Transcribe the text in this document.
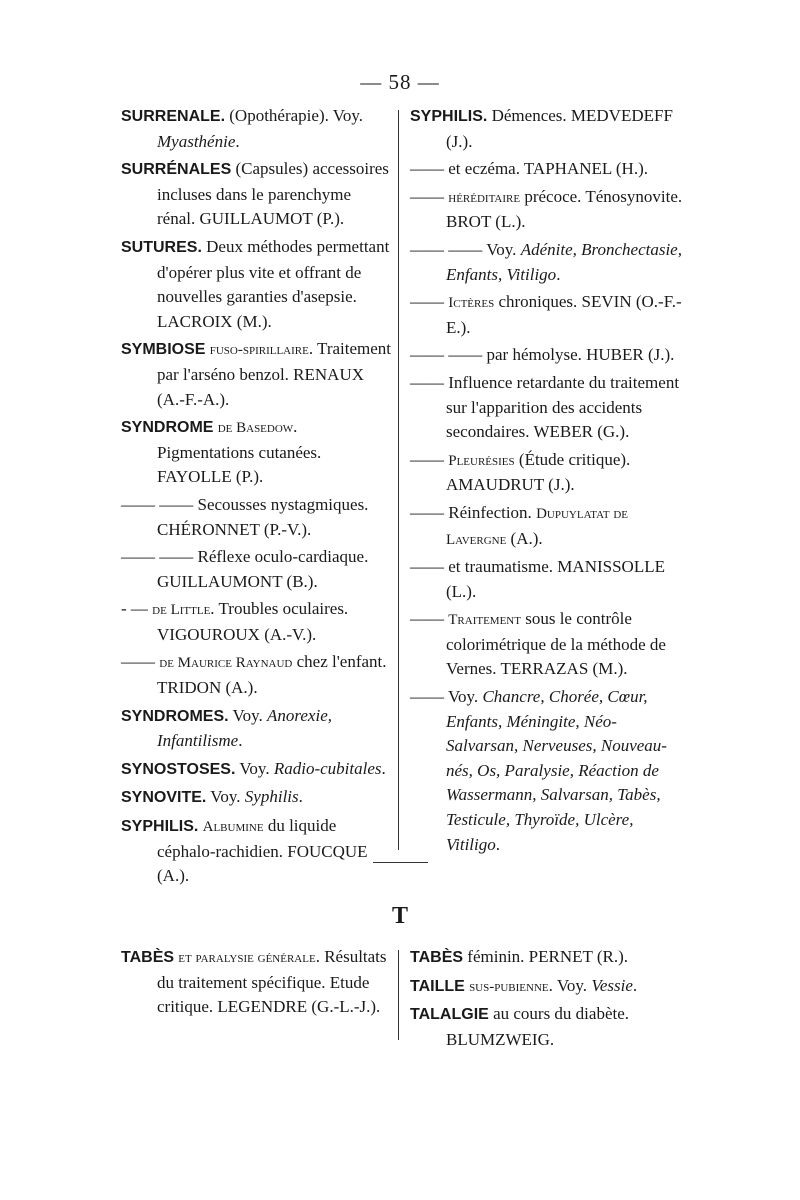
— 58 —

SURRENALE. (Opothérapie). Voy. Myasthénie.

SURRÉNALES (Capsules) accessoires incluses dans le parenchyme rénal. GUILLAUMOT (P.).

SUTURES. Deux méthodes permettant d'opérer plus vite et offrant de nouvelles garanties d'asepsie. LACROIX (M.).

SYMBIOSE fuso-spirillaire. Traitement par l'arséno benzol. RENAUX (A.-F.-A.).

SYNDROME de Basedow. Pigmentations cutanées. FAYOLLE (P.).

—— —— Secousses nystagmiques. CHÉRONNET (P.-V.).

—— —— Réflexe oculo-cardiaque. GUILLAUMONT (B.).

- — de Little. Troubles oculaires. VIGOUROUX (A.-V.).

—— de Maurice Raynaud chez l'enfant. TRIDON (A.).

SYNDROMES. Voy. Anorexie, Infantilisme.

SYNOSTOSES. Voy. Radio-cubitales.

SYNOVITE. Voy. Syphilis.

SYPHILIS. Albumine du liquide céphalo-rachidien. FOUCQUE (A.).

SYPHILIS. Démences. MEDVEDEFF (J.).

—— et eczéma. TAPHANEL (H.).

—— héréditaire précoce. Ténosynovite. BROT (L.).

—— —— Voy. Adénite, Bronchectasie, Enfants, Vitiligo.

—— Ictères chroniques. SEVIN (O.-F.-E.).

—— —— par hémolyse. HUBER (J.).

—— Influence retardante du traitement sur l'apparition des accidents secondaires. WEBER (G.).

—— Pleurésies (Étude critique). AMAUDRUT (J.).

—— Réinfection. Dupuylatat de Lavergne (A.).

—— et traumatisme. MANISSOLLE (L.).

—— Traitement sous le contrôle colorimétrique de la méthode de Vernes. TERRAZAS (M.).

—— Voy. Chancre, Chorée, Cœur, Enfants, Méningite, Néo-Salvarsan, Nerveuses, Nouveau-nés, Os, Paralysie, Réaction de Wassermann, Salvarsan, Tabès, Testicule, Thyroïde, Ulcère, Vitiligo.

T

TABÈS et paralysie générale. Résultats du traitement spécifique. Etude critique. LEGENDRE (G.-L.-J.).

TABÈS féminin. PERNET (R.).

TAILLE sus-pubienne. Voy. Vessie.

TALALGIE au cours du diabète. BLUMZWEIG.
